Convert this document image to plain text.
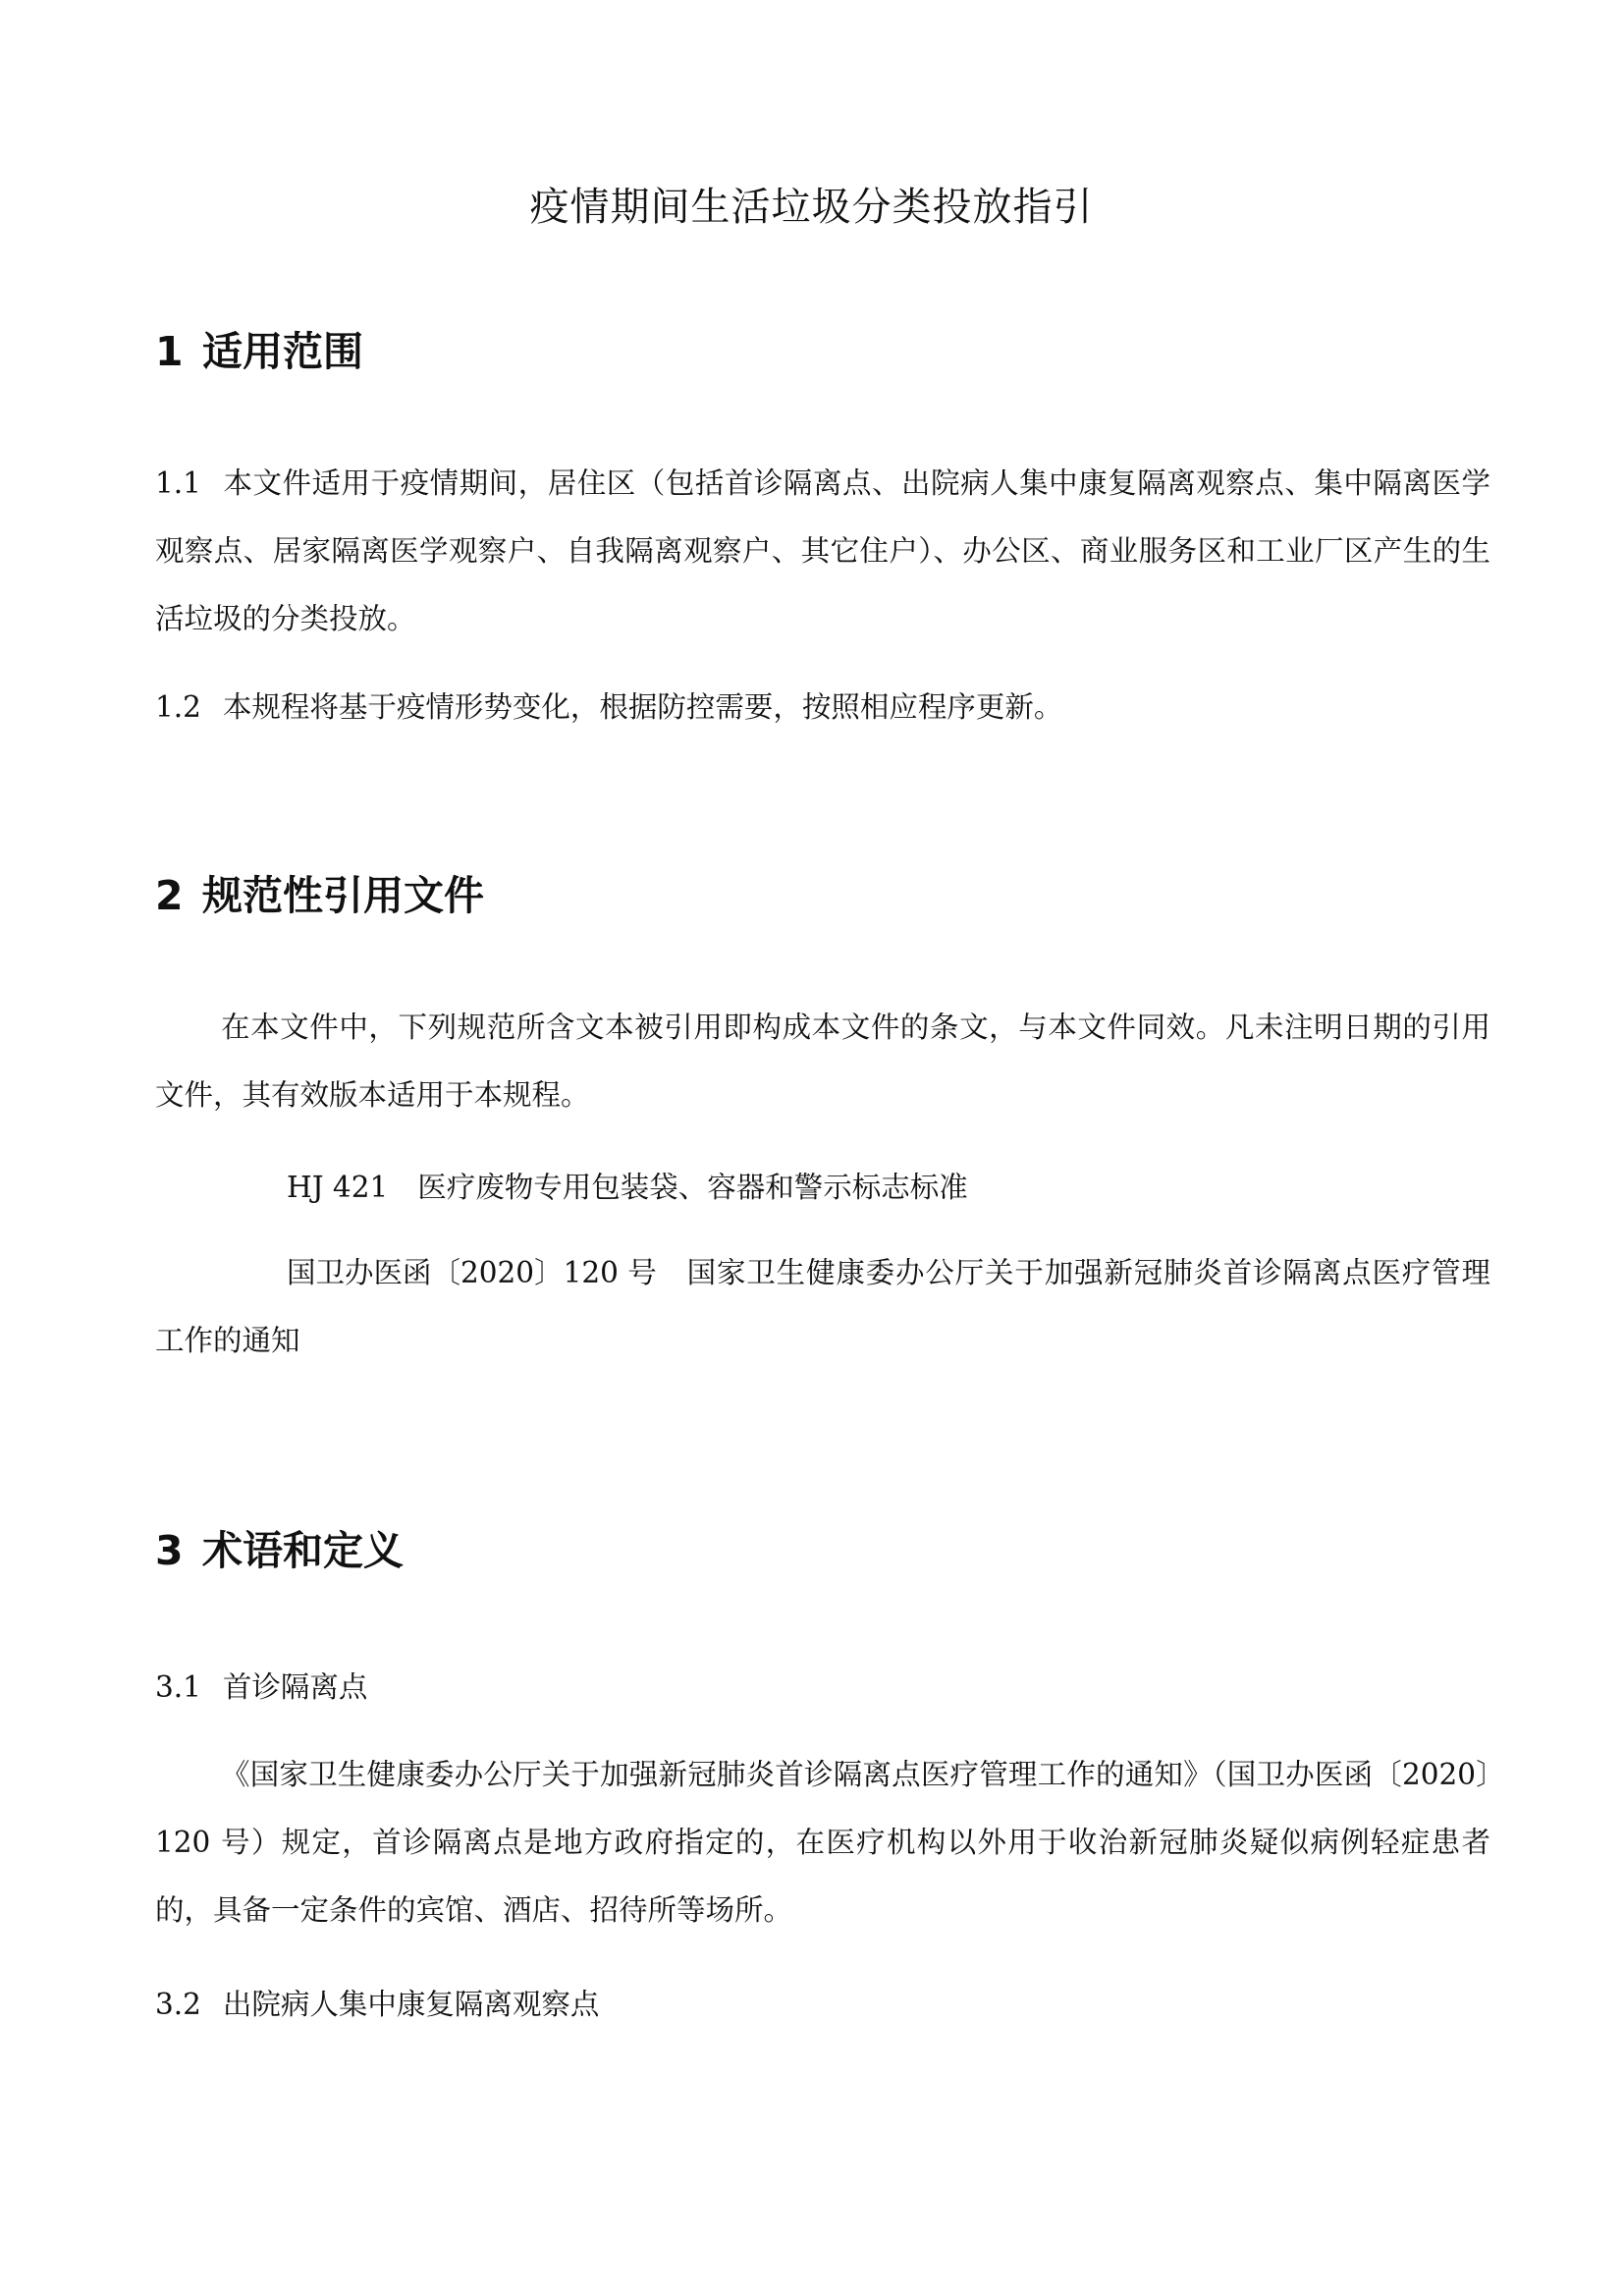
疫情期间生活垃圾分类投放指引
1 适用范围

1.1 本文件适用于疫情期间，居住区（包括首诊隔离点、出院病人集中康复隔离观察点、集中隔离医学观察点、居家隔离医学观察户、自我隔离观察户、其它住户）、办公区、商业服务区和工业厂区产生的生活垃圾的分类投放。

1.2 本规程将基于疫情形势变化，根据防控需要，按照相应程序更新。

2 规范性引用文件

在本文件中，下列规范所含文本被引用即构成本文件的条文，与本文件同效。凡未注明日期的引用文件，其有效版本适用于本规程。

HJ 421 医疗废物专用包装袋、容器和警示标志标准

国卫办医函〔2020〕120 号 国家卫生健康委办公厅关于加强新冠肺炎首诊隔离点医疗管理工作的通知

3 术语和定义

3.1 首诊隔离点

《国家卫生健康委办公厅关于加强新冠肺炎首诊隔离点医疗管理工作的通知》（国卫办医函〔2020〕120 号）规定，首诊隔离点是地方政府指定的，在医疗机构以外用于收治新冠肺炎疑似病例轻症患者的，具备一定条件的宾馆、酒店、招待所等场所。

3.2 出院病人集中康复隔离观察点
